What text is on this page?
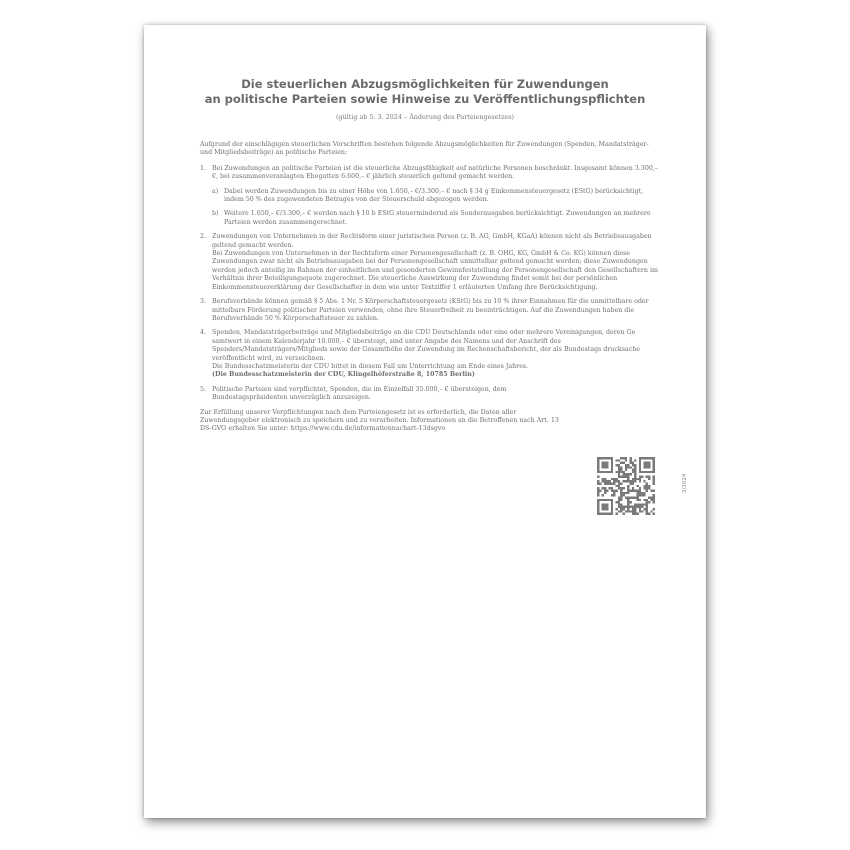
Die steuerlichen Abzugsmöglichkeiten für Zuwendungen
an politische Parteien sowie Hinweise zu Veröffentlichungspflichten
(gültig ab 5. 3. 2024 – Änderung des Parteiengesetzes)

Aufgrund der einschlägigen steuerlichen Vorschriften bestehen folgende Abzugsmöglichkeiten für Zuwendungen (Spenden, Mandatsträger- und Mitgliedsbeiträge) an politische Parteien:

1. Bei Zuwendungen an politische Parteien ist die steuerliche Abzugsfähigkeit auf natürliche Personen beschränkt. Insgesamt können 3.300,– €, bei zusammenveranlagten Ehegatten 6.600,– € jährlich steuerlich geltend gemacht werden.
a) Dabei werden Zuwendungen bis zu einer Höhe von 1.650,– €/3.300,– € nach § 34 g Einkommensteuergesetz (EStG) berücksichtigt, indem 50 % des zugewendeten Betrages von der Steuerschuld abgezogen werden.
b) Weitere 1.650,– €/3.300,– € werden nach § 10 b EStG steuermindernd als Sonderausgaben berücksichtigt. Zuwendungen an mehrere Parteien werden zusammengerechnet.
2. Zuwendungen von Unternehmen in der Rechtsform einer juristischen Person (z. B. AG, GmbH, KGaA) können nicht als Betriebsausgaben geltend gemacht werden.
Bei Zuwendungen von Unternehmen in der Rechtsform einer Personengesellschaft (z. B. OHG, KG, GmbH & Co. KG) können diese Zuwendungen zwar nicht als Betriebsausgaben bei der Personengesellschaft unmittelbar geltend gemacht werden; diese Zuwendungen werden jedoch anteilig im Rahmen der einheitlichen und gesonderten Gewinnfeststellung der Personengesellschaft den Gesellschaftern im Verhältnis ihrer Beteiligungsquote zugerechnet. Die steuerliche Auswirkung der Zuwendung findet somit bei der persönlichen Einkommensteuererklärung der Gesellschafter in dem wie unter Textziffer 1 erläuterten Umfang ihre Berücksichtigung.
3. Berufsverbände können gemäß § 5 Abs. 1 Nr. 5 Körperschaftsteuergesetz (KStG) bis zu 10 % ihrer Einnahmen für die unmittelbare oder mittelbare Förderung politischer Parteien verwenden, ohne ihre Steuerfreiheit zu beeinträchtigen. Auf die Zuwendungen haben die Berufsverbände 50 % Körperschaftsteuer zu zahlen.
4. Spenden, Mandatsträgerbeiträge und Mitgliedsbeiträge an die CDU Deutschlands oder eine oder mehrere Vereinigungen, deren Ge samtwert in einem Kalenderjahr 10.000,– € übersteigt, sind unter Angabe des Namens und der Anschrift des Spenders/Mandatsträgers/Mitglieds sowie der Gesamthöhe der Zuwendung im Rechenschaftsbericht, der als Bundestags drucksache veröffentlicht wird, zu verzeichnen.
Die Bundesschatzmeisterin der CDU bittet in diesem Fall um Unterrichtung am Ende eines Jahres.
(Die Bundesschatzmeisterin der CDU, Klingelhöferstraße 8, 10785 Berlin)
5. Politische Parteien sind verpflichtet, Spenden, die im Einzelfall 35.000,– € übersteigen, dem Bundestagspräsidenten unverzüglich anzuzeigen.
Zur Erfüllung unserer Verpflichtungen nach dem Parteiengesetz ist es erforderlich, die Daten aller Zuwendungsgeber elektronisch zu speichern und zu verarbeiten. Informationen an die Betroffenen nach Art. 13 DS-GVO erhalten Sie unter: https://www.cdu.de/informationnachart-13dsgvo
3/2024
